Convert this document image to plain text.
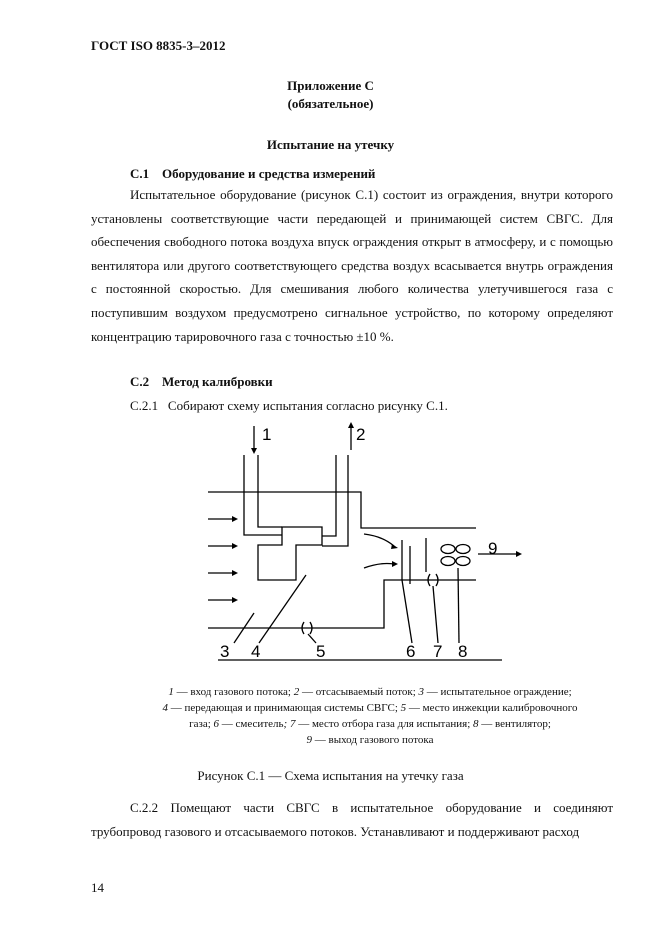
ГОСТ ISO 8835-3–2012
Приложение С
(обязательное)
Испытание на утечку
С.1 Оборудование и средства измерений
Испытательное оборудование (рисунок С.1) состоит из ограждения, внутри которого установлены соответствующие части передающей и принимающей систем СВГС. Для обеспечения свободного потока воздуха впуск ограждения открыт в атмосферу, и с помощью вентилятора или другого соответствующего средства воздух всасывается внутрь ограждения с постоянной скоростью. Для смешивания любого количества улетучившегося газа с поступившим воздухом предусмотрено сигнальное устройство, по которому определяют концентрацию тарировочного газа с точностью ±10 %.
С.2 Метод калибровки
С.2.1 Собирают схему испытания согласно рисунку С.1.
1	2
3 4	5	6 7 8
9
1 — вход газового потока; 2 — отсасываемый поток; 3 — испытательное ограждение;
4 — передающая и принимающая системы СВГС; 5 — место инжекции калибровочного
газа; 6 — смеситель; 7 — место отбора газа для испытания; 8 — вентилятор;
9 — выход газового потока
Рисунок С.1 — Схема испытания на утечку газа
С.2.2 Помещают части СВГС в испытательное оборудование и соединяют трубопровод газового и отсасываемого потоков. Устанавливают и поддерживают расход
14
